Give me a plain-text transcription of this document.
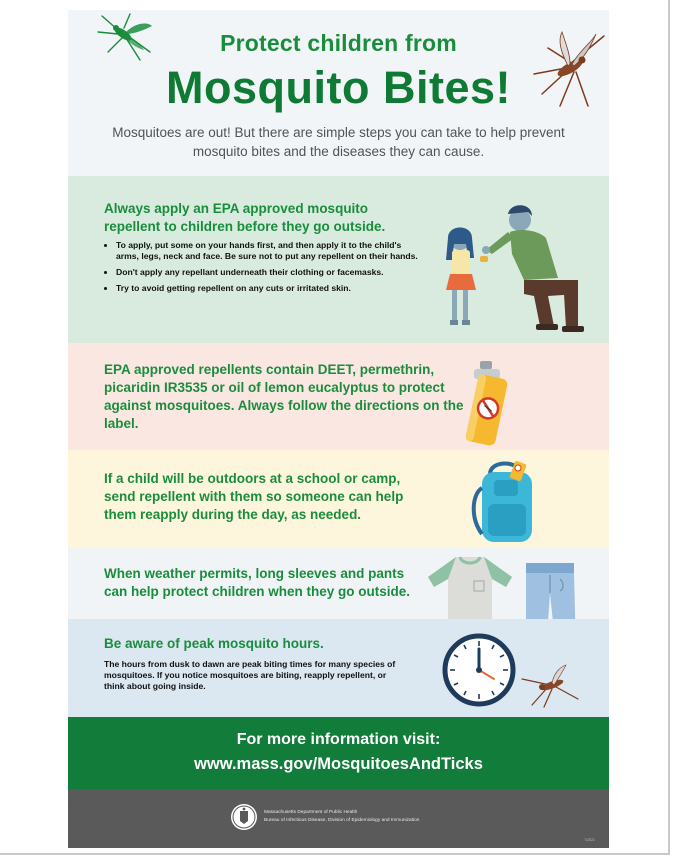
Protect children from
Mosquito Bites!
Mosquitoes are out! But there are simple steps you can take to help prevent mosquito bites and the diseases they can cause.
Always apply an EPA approved mosquito repellent to children before they go outside.
• To apply, put some on your hands first, and then apply it to the child's arms, legs, neck and face. Be sure not to put any repellent on their hands.
• Don't apply any repellant underneath their clothing or facemasks.
• Try to avoid getting repellent on any cuts or irritated skin.
EPA approved repellents contain DEET, permethrin, picaridin IR3535 or oil of lemon eucalyptus to protect against mosquitoes. Always follow the directions on the label.
If a child will be outdoors at a school or camp, send repellent with them so someone can help them reapply during the day, as needed.
When weather permits, long sleeves and pants can help protect children when they go outside.
Be aware of peak mosquito hours.
The hours from dusk to dawn are peak biting times for many species of mosquitoes. If you notice mosquitoes are biting, reapply repellent, or think about going inside.
For more information visit:
www.mass.gov/MosquitoesAndTicks
Massachusetts Department of Public Health
Bureau of Infectious Disease, Division of Epidemiology and Immunization
7/2021
